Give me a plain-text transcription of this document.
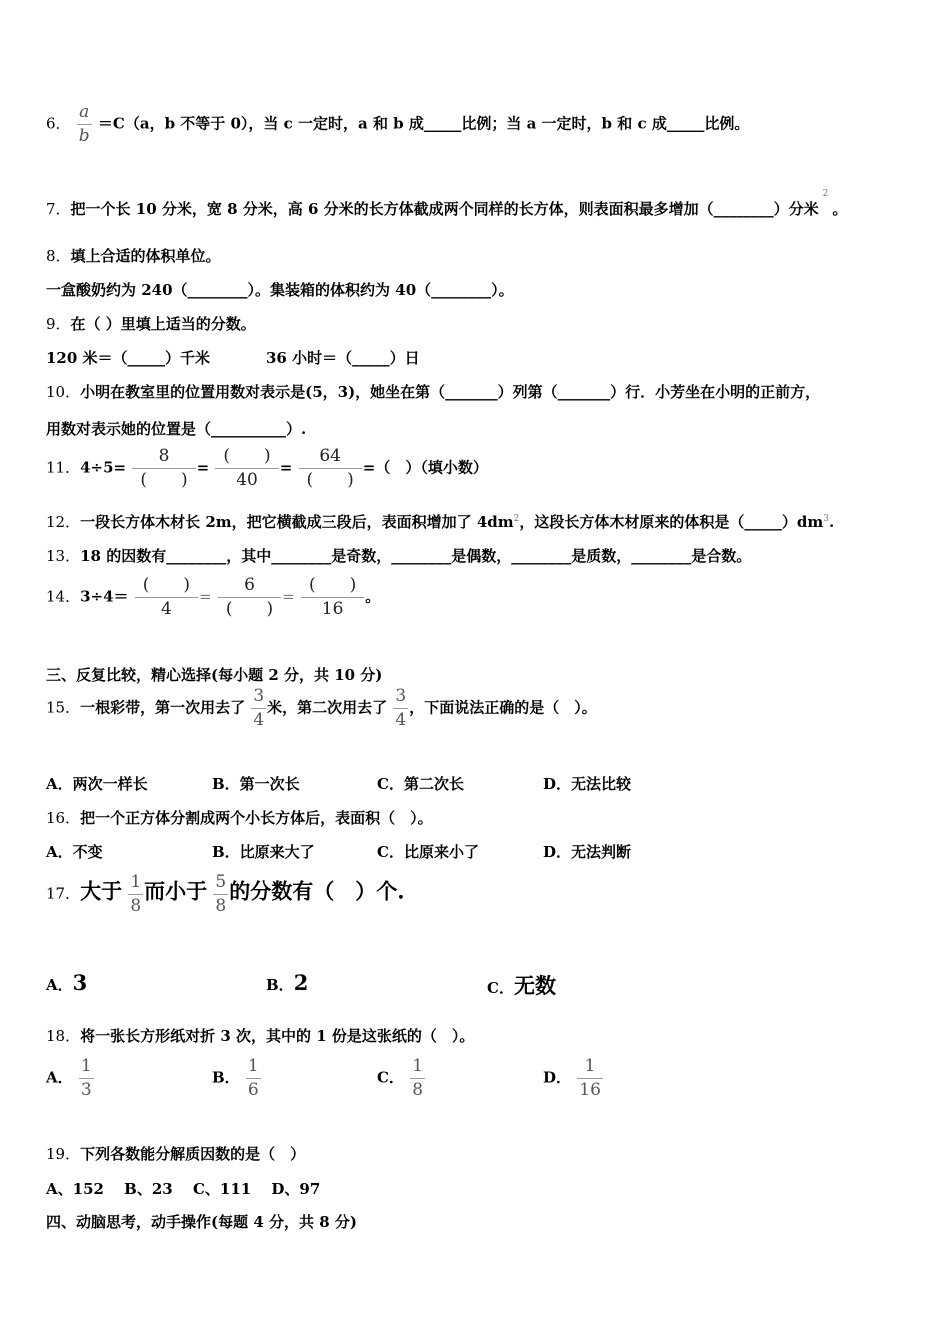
6． $\frac{a}{b} =C(a$，b 不等于 0），当 c 一定时，a 和 b 成_____比例；当 a 一定时，b 和 c 成_____比例。
7．把一个长 10 分米，宽 8 分米，高 6 分米的长方体截成两个同样的长方体，则表面积最多增加（________）分米$^2$。
8．填上合适的体积单位。
一盒酸奶约为 240（________）。集装箱的体积约为 40（________）。
9．在（ ）里填上适当的分数。
120 米＝（_____）千米	36 小时＝（_____）日
10．小明在教室里的位置用数对表示是(5，3)，她坐在第（_______）列第（_______）行．小芳坐在小明的正前方，
用数对表示她的位置是（__________）.
11．$4\div 5= \frac{8}{( )} = \frac{( )}{40} = \frac{64}{( )}$ =（　）（填小数）
12．一段长方体木材长 2m，把它横截成三段后，表面积增加了 $4dm^2$，这段长方体木材原来的体积是$(\_\_\_\_\_)dm^3$.
13．18 的因数有________，其中________是奇数，________是偶数，________是质数，________是合数。
14．$3\div 4= \frac{( )}{4} = \frac{6}{( )} = \frac{( )}{16}$ 。
三、反复比较，精心选择(每小题 2 分，共 10 分)
15．一根彩带，第一次用去了 $\frac{3}{4}$ 米，第二次用去了 $\frac{3}{4}$ ，下面说法正确的是（　）。
A．两次一样长	B．第一次长	C．第二次长	D．无法比较
16．把一个正方体分割成两个小长方体后，表面积（　）。
A．不变	B．比原来大了	C．比原来小了	D．无法判断
17．大于 $\frac{1}{8}$ 而小于 $\frac{5}{8}$ 的分数有（　）个.
A．3	B．2	C．无数
18．将一张长方形纸对折 3 次，其中的 1 份是这张纸的（　）。
A． $\frac{1}{3}$	B． $\frac{1}{6}$	C． $\frac{1}{8}$	D． $\frac{1}{16}$
19．下列各数能分解质因数的是（　）
A、152　 B、23　 C、111　 D、97
四、动脑思考，动手操作(每题 4 分，共 8 分)
